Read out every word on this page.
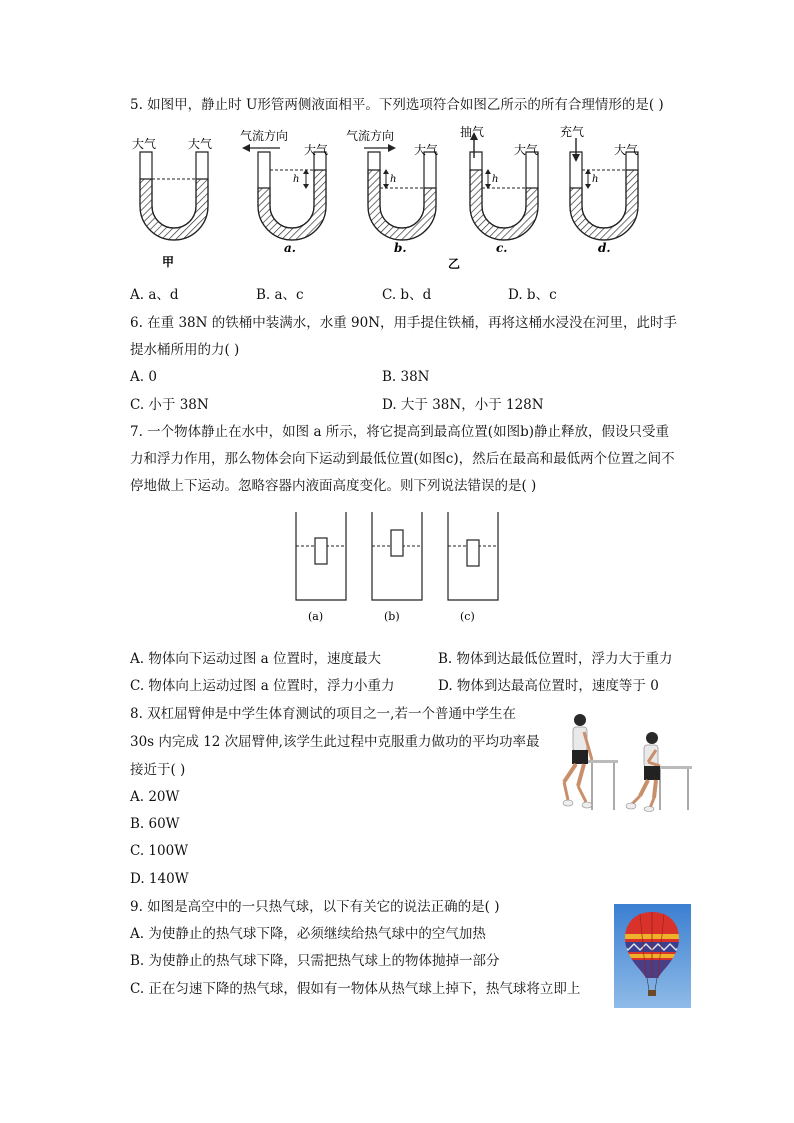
5. 如图甲，静止时 U形管两侧液面相平。下列选项符合如图乙所示的所有合理情形的是( )
大气	大气
甲
h
气流方向
大气
a.
h
气流方向
大气
b.
h
抽气
大气
c.
h
充气
大气
d.
乙
A. a、d	B. a、c	C. b、d	D. b、c
6. 在重 38N 的铁桶中装满水，水重 90N，用手提住铁桶，再将这桶水浸没在河里，此时手
提水桶所用的力( )
A. 0	B. 38N
C. 小于 38N	D. 大于 38N，小于 128N
7. 一个物体静止在水中，如图 a 所示，将它提高到最高位置(如图b)静止释放，假设只受重
力和浮力作用，那么物体会向下运动到最低位置(如图c)，然后在最高和最低两个位置之间不
停地做上下运动。忽略容器内液面高度变化。则下列说法错误的是( )
(a)	(b)	(c)
A. 物体向下运动过图 a 位置时，速度最大	B. 物体到达最低位置时，浮力大于重力
C. 物体向上运动过图 a 位置时，浮力小重力	D. 物体到达最高位置时，速度等于 0
8. 双杠屈臂伸是中学生体育测试的项目之一,若一个普通中学生在
30s 内完成 12 次屈臂伸,该学生此过程中克服重力做功的平均功率最
接近于( )
A. 20W
B. 60W
C. 100W
D. 140W
9. 如图是高空中的一只热气球，以下有关它的说法正确的是( )
A. 为使静止的热气球下降，必须继续给热气球中的空气加热
B. 为使静止的热气球下降，只需把热气球上的物体抛掉一部分
C. 正在匀速下降的热气球，假如有一物体从热气球上掉下，热气球将立即上
